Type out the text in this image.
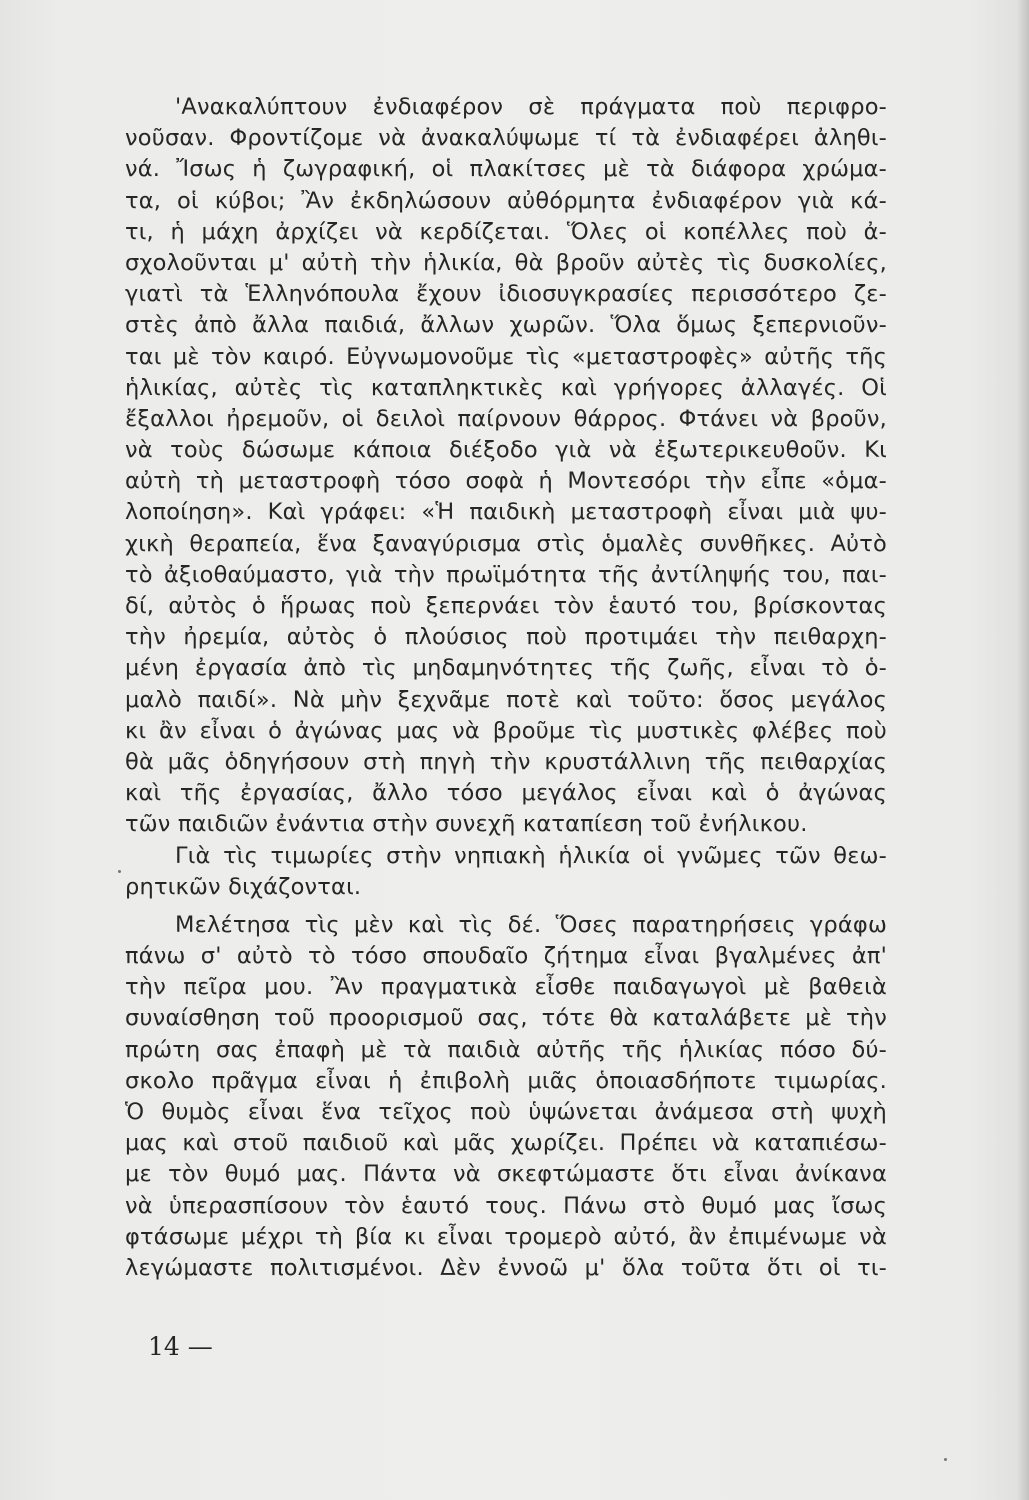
'Ανακαλύπτουν ἐνδιαφέρον σὲ πράγματα ποὺ περιφρο-
νοῦσαν. Φροντίζομε νὰ ἀνακαλύψωμε τί τὰ ἐνδιαφέρει ἀληθι-
νά. Ἴσως ἡ ζωγραφική, οἱ πλακίτσες μὲ τὰ διάφορα χρώμα-
τα, οἱ κύβοι; Ἂν ἐκδηλώσουν αὐθόρμητα ἐνδιαφέρον γιὰ κά-
τι, ἡ μάχη ἀρχίζει νὰ κερδίζεται. Ὅλες οἱ κοπέλλες ποὺ ἀ-
σχολοῦνται μ' αὐτὴ τὴν ἡλικία, θὰ βροῦν αὐτὲς τὶς δυσκολίες,
γιατὶ τὰ Ἑλληνόπουλα ἔχουν ἰδιοσυγκρασίες περισσότερο ζε-
στὲς ἀπὸ ἄλλα παιδιά, ἄλλων χωρῶν. Ὅλα ὅμως ξεπερνιοῦν-
ται μὲ τὸν καιρό. Εὐγνωμονοῦμε τὶς «μεταστροφὲς» αὐτῆς τῆς
ἡλικίας, αὐτὲς τὶς καταπληκτικὲς καὶ γρήγορες ἀλλαγές. Οἱ
ἔξαλλοι ἠρεμοῦν, οἱ δειλοὶ παίρνουν θάρρος. Φτάνει νὰ βροῦν,
νὰ τοὺς δώσωμε κάποια διέξοδο γιὰ νὰ ἐξωτερικευθοῦν. Κι
αὐτὴ τὴ μεταστροφὴ τόσο σοφὰ ἡ Μοντεσόρι τὴν εἶπε «ὁμα-
λοποίηση». Καὶ γράφει: «Ἡ παιδικὴ μεταστροφὴ εἶναι μιὰ ψυ-
χικὴ θεραπεία, ἕνα ξαναγύρισμα στὶς ὁμαλὲς συνθῆκες. Αὐτὸ
τὸ ἀξιοθαύμαστο, γιὰ τὴν πρωϊμότητα τῆς ἀντίληψής του, παι-
δί, αὐτὸς ὁ ἥρωας ποὺ ξεπερνάει τὸν ἑαυτό του, βρίσκοντας
τὴν ἠρεμία, αὐτὸς ὁ πλούσιος ποὺ προτιμάει τὴν πειθαρχη-
μένη ἐργασία ἀπὸ τὶς μηδαμηνότητες τῆς ζωῆς, εἶναι τὸ ὁ-
μαλὸ παιδί». Νὰ μὴν ξεχνᾶμε ποτὲ καὶ τοῦτο: ὅσος μεγάλος
κι ἂν εἶναι ὁ ἀγώνας μας νὰ βροῦμε τὶς μυστικὲς φλέβες ποὺ
θὰ μᾶς ὁδηγήσουν στὴ πηγὴ τὴν κρυστάλλινη τῆς πειθαρχίας
καὶ τῆς ἐργασίας, ἄλλο τόσο μεγάλος εἶναι καὶ ὁ ἀγώνας
τῶν παιδιῶν ἐνάντια στὴν συνεχῆ καταπίεση τοῦ ἐνήλικου.
Γιὰ τὶς τιμωρίες στὴν νηπιακὴ ἡλικία οἱ γνῶμες τῶν θεω-
ρητικῶν διχάζονται.
Μελέτησα τὶς μὲν καὶ τὶς δέ. Ὅσες παρατηρήσεις γράφω
πάνω σ' αὐτὸ τὸ τόσο σπουδαῖο ζήτημα εἶναι βγαλμένες ἀπ'
τὴν πεῖρα μου. Ἂν πραγματικὰ εἶσθε παιδαγωγοὶ μὲ βαθειὰ
συναίσθηση τοῦ προορισμοῦ σας, τότε θὰ καταλάβετε μὲ τὴν
πρώτη σας ἐπαφὴ μὲ τὰ παιδιὰ αὐτῆς τῆς ἡλικίας πόσο δύ-
σκολο πρᾶγμα εἶναι ἡ ἐπιβολὴ μιᾶς ὁποιασδήποτε τιμωρίας.
Ὁ θυμὸς εἶναι ἕνα τεῖχος ποὺ ὑψώνεται ἀνάμεσα στὴ ψυχὴ
μας καὶ στοῦ παιδιοῦ καὶ μᾶς χωρίζει. Πρέπει νὰ καταπιέσω-
με τὸν θυμό μας. Πάντα νὰ σκεφτώμαστε ὅτι εἶναι ἀνίκανα
νὰ ὑπερασπίσουν τὸν ἑαυτό τους. Πάνω στὸ θυμό μας ἴσως
φτάσωμε μέχρι τὴ βία κι εἶναι τρομερὸ αὐτό, ἂν ἐπιμένωμε νὰ
λεγώμαστε πολιτισμένοι. Δὲν ἐννοῶ μ' ὅλα τοῦτα ὅτι οἱ τι-
14 —
